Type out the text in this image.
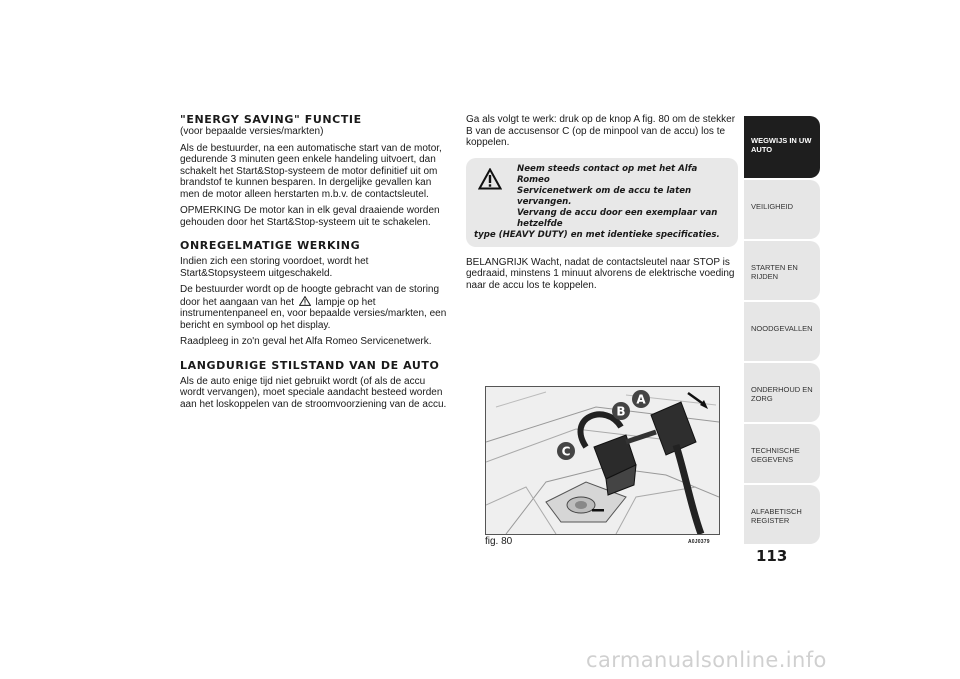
"ENERGY SAVING" FUNCTIE

(voor bepaalde versies/markten)

Als de bestuurder, na een automatische start van de motor, gedurende 3 minuten geen enkele handeling uitvoert, dan schakelt het Start&Stop-systeem de motor definitief uit om brandstof te kunnen besparen. In dergelijke gevallen kan men de motor alleen herstarten m.b.v. de contactsleutel.

OPMERKING De motor kan in elk geval draaiende worden gehouden door het Start&Stop-systeem uit te schakelen.

ONREGELMATIGE WERKING

Indien zich een storing voordoet, wordt het Start&Stopsysteem uitgeschakeld.

De bestuurder wordt op de hoogte gebracht van de storing door het aangaan van het lampje op het instrumentenpaneel en, voor bepaalde versies/markten, een bericht en symbool op het display.

Raadpleeg in zo'n geval het Alfa Romeo Servicenetwerk.

LANGDURIGE STILSTAND VAN DE AUTO

Als de auto enige tijd niet gebruikt wordt (of als de accu wordt vervangen), moet speciale aandacht besteed worden aan het loskoppelen van de stroomvoorziening van de accu.

Ga als volgt te werk: druk op de knop A fig. 80 om de stekker B van de accusensor C (op de minpool van de accu) los te koppelen.

Neem steeds contact op met het Alfa Romeo

Servicenetwerk om de accu te laten vervangen.

Vervang de accu door een exemplaar van hetzelfde

type (HEAVY DUTY) en met identieke specificaties.

BELANGRIJK Wacht, nadat de contactsleutel naar STOP is gedraaid, minstens 1 minuut alvorens de elektrische voeding naar de accu los te koppelen.

A
B
C
fig. 80	A0J0379
WEGWIJS IN UW AUTO
VEILIGHEID
STARTEN EN RIJDEN
NOODGEVALLEN
ONDERHOUD EN ZORG
TECHNISCHE GEGEVENS
ALFABETISCH REGISTER
113
carmanualsonline.info
